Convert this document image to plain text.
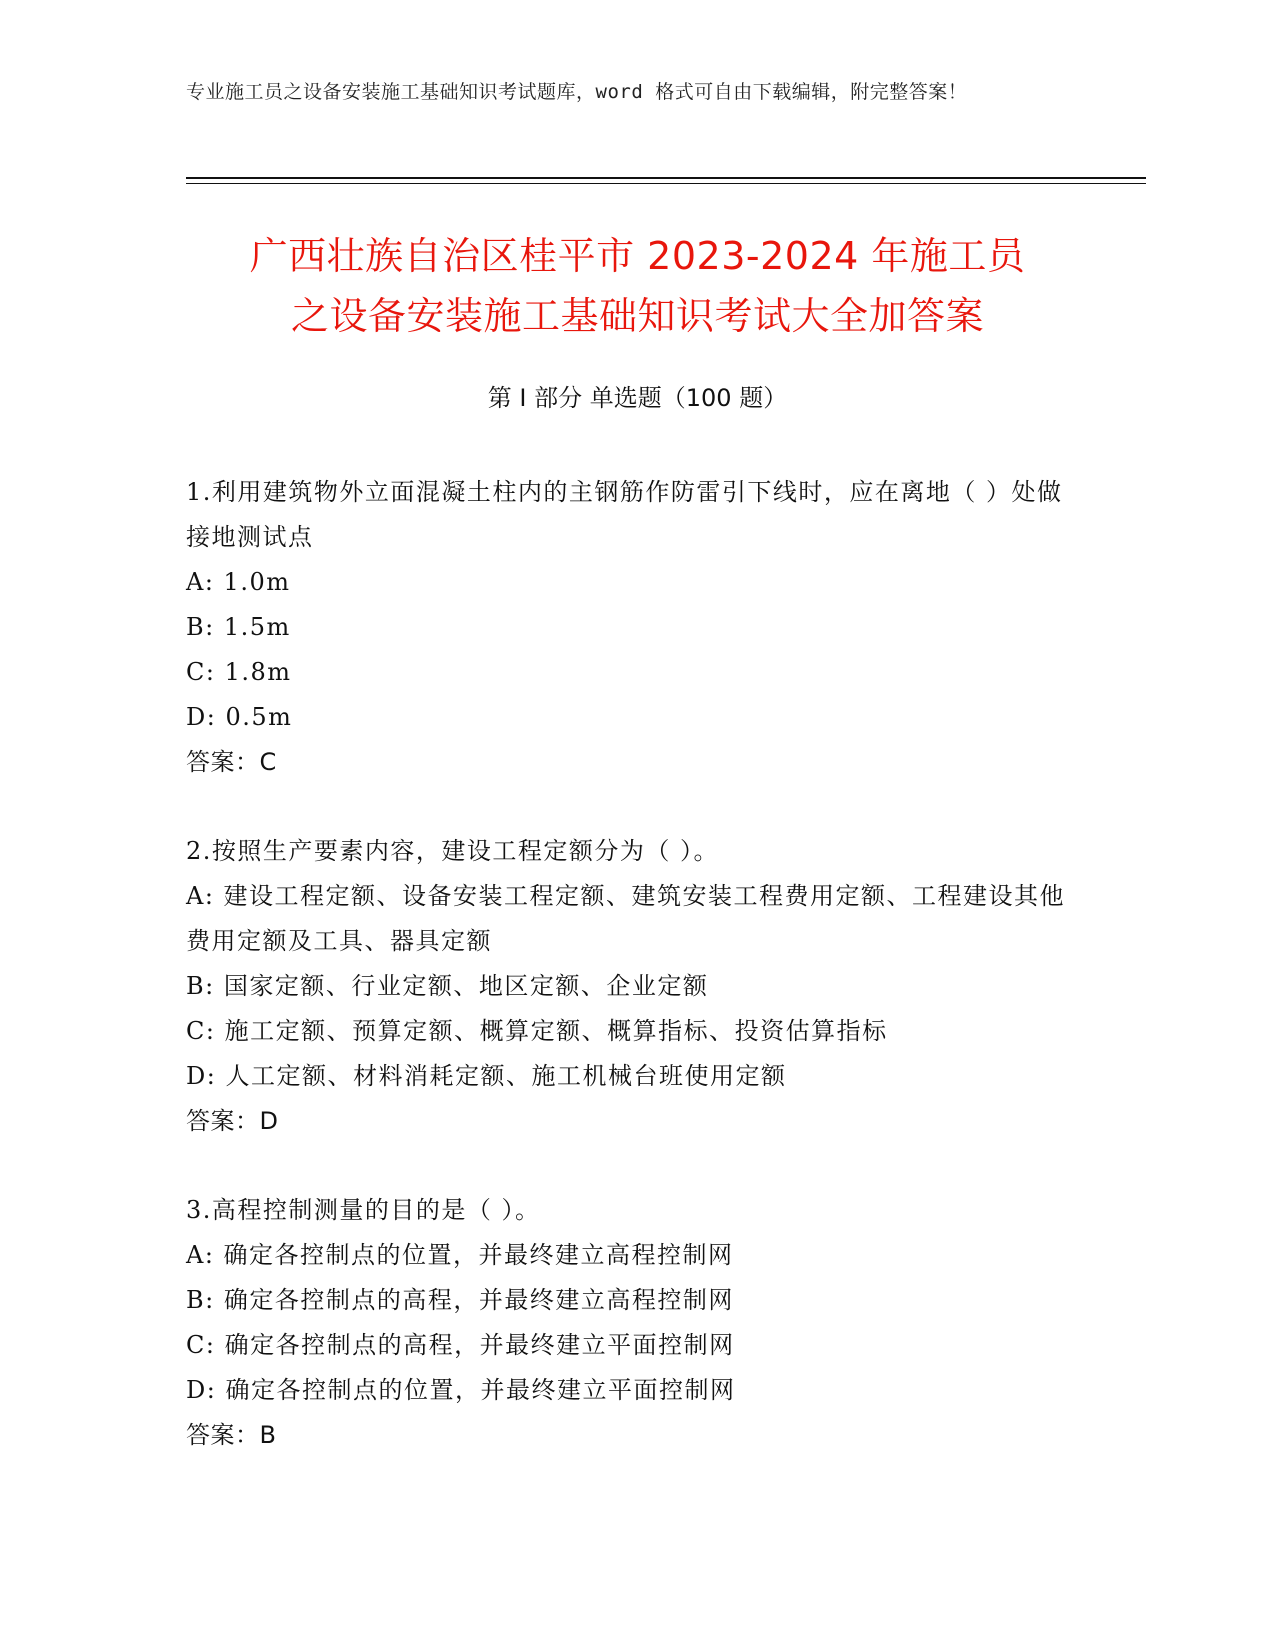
专业施工员之设备安装施工基础知识考试题库，word 格式可自由下载编辑，附完整答案！
广西壮族自治区桂平市 2023-2024 年施工员
之设备安装施工基础知识考试大全加答案
第 I 部分 单选题（100 题）
1.利用建筑物外立面混凝土柱内的主钢筋作防雷引下线时，应在离地（ ）处做接地测试点
A: 1.0m
B: 1.5m
C: 1.8m
D: 0.5m
答案：C
2.按照生产要素内容，建设工程定额分为（ ）。
A: 建设工程定额、设备安装工程定额、建筑安装工程费用定额、工程建设其他费用定额及工具、器具定额
B: 国家定额、行业定额、地区定额、企业定额
C: 施工定额、预算定额、概算定额、概算指标、投资估算指标
D: 人工定额、材料消耗定额、施工机械台班使用定额
答案：D
3.高程控制测量的目的是（ ）。
A: 确定各控制点的位置，并最终建立高程控制网
B: 确定各控制点的高程，并最终建立高程控制网
C: 确定各控制点的高程，并最终建立平面控制网
D: 确定各控制点的位置，并最终建立平面控制网
答案：B
